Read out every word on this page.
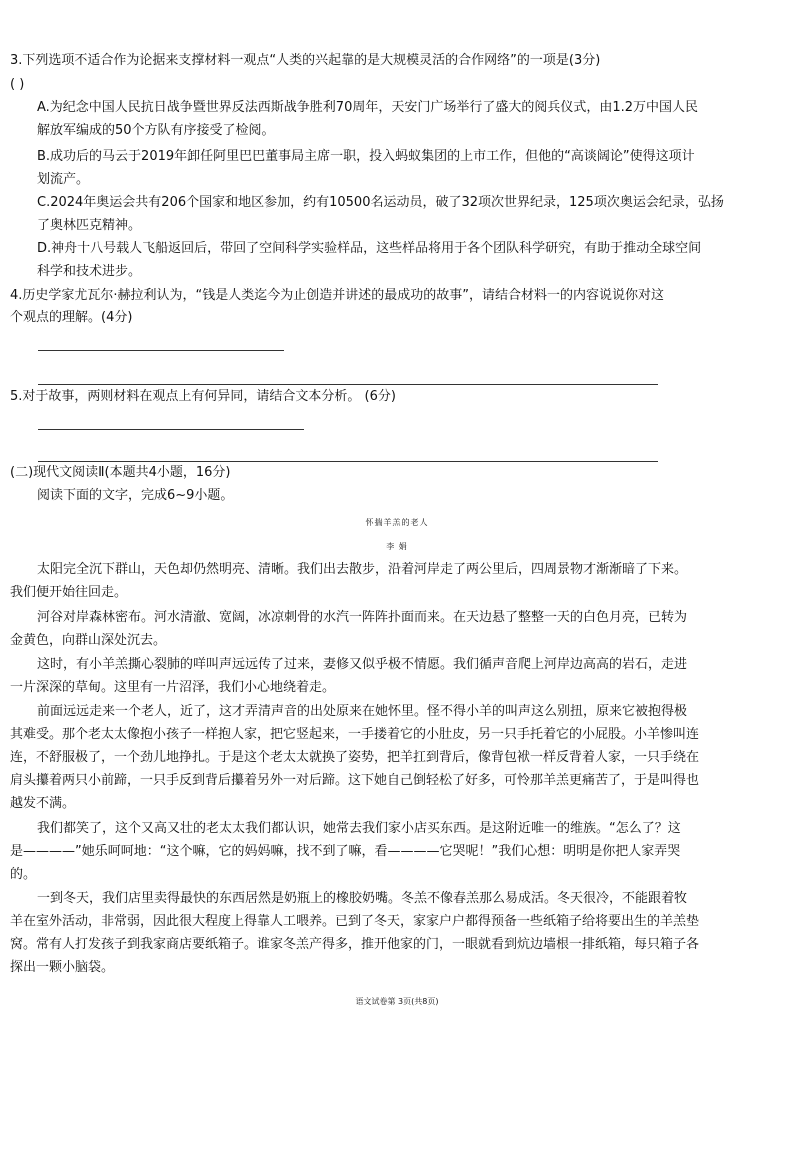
3.下列选项不适合作为论据来支撑材料一观点“人类的兴起靠的是大规模灵活的合作网络”的一项是(3分)
( )
A.为纪念中国人民抗日战争暨世界反法西斯战争胜利70周年，天安门广场举行了盛大的阅兵仪式，由1.2万中国人民
解放军编成的50个方队有序接受了检阅。
B.成功后的马云于2019年卸任阿里巴巴董事局主席一职，投入蚂蚁集团的上市工作，但他的“高谈阔论”使得这项计
划流产。
C.2024年奥运会共有206个国家和地区参加，约有10500名运动员，破了32项次世界纪录，125项次奥运会纪录，弘扬
了奥林匹克精神。
D.神舟十八号载人飞船返回后，带回了空间科学实验样品，这些样品将用于各个团队科学研究，有助于推动全球空间
科学和技术进步。
4.历史学家尤瓦尔·赫拉利认为，“钱是人类迄今为止创造并讲述的最成功的故事”，请结合材料一的内容说说你对这
个观点的理解。(4分)
5.对于故事，两则材料在观点上有何异同，请结合文本分析。 (6分)
(二)现代文阅读Ⅱ(本题共4小题，16分)
阅读下面的文字，完成6~9小题。
怀揣羊羔的老人
李 娟
太阳完全沉下群山，天色却仍然明亮、清晰。我们出去散步，沿着河岸走了两公里后，四周景物才渐渐暗了下来。
我们便开始往回走。
河谷对岸森林密布。河水清澈、宽阔，冰凉刺骨的水汽一阵阵扑面而来。在天边悬了整整一天的白色月亮，已转为
金黄色，向群山深处沉去。
这时，有小羊羔撕心裂肺的咩叫声远远传了过来，妻修又似乎极不情愿。我们循声音爬上河岸边高高的岩石，走进
一片深深的草甸。这里有一片沼泽，我们小心地绕着走。
前面远远走来一个老人，近了，这才弄清声音的出处原来在她怀里。怪不得小羊的叫声这么别扭，原来它被抱得极
其难受。那个老太太像抱小孩子一样抱人家，把它竖起来，一手搂着它的小肚皮，另一只手托着它的小屁股。小羊惨叫连
连，不舒服极了，一个劲儿地挣扎。于是这个老太太就换了姿势，把羊扛到背后，像背包袱一样反背着人家，一只手绕在
肩头攥着两只小前蹄，一只手反到背后攥着另外一对后蹄。这下她自己倒轻松了好多，可怜那羊羔更痛苦了，于是叫得也
越发不满。
我们都笑了，这个又高又壮的老太太我们都认识，她常去我们家小店买东西。是这附近唯一的维族。“怎么了？这
是————”她乐呵呵地：“这个嘛，它的妈妈嘛，找不到了嘛，看————它哭呢！”我们心想：明明是你把人家弄哭
的。
一到冬天，我们店里卖得最快的东西居然是奶瓶上的橡胶奶嘴。冬羔不像春羔那么易成活。冬天很冷，不能跟着牧
羊在室外活动，非常弱，因此很大程度上得靠人工喂养。已到了冬天，家家户户都得预备一些纸箱子给将要出生的羊羔垫
窝。常有人打发孩子到我家商店要纸箱子。谁家冬羔产得多，推开他家的门，一眼就看到炕边墙根一排纸箱，每只箱子各
探出一颗小脑袋。
语文试卷第 3页(共8页)
